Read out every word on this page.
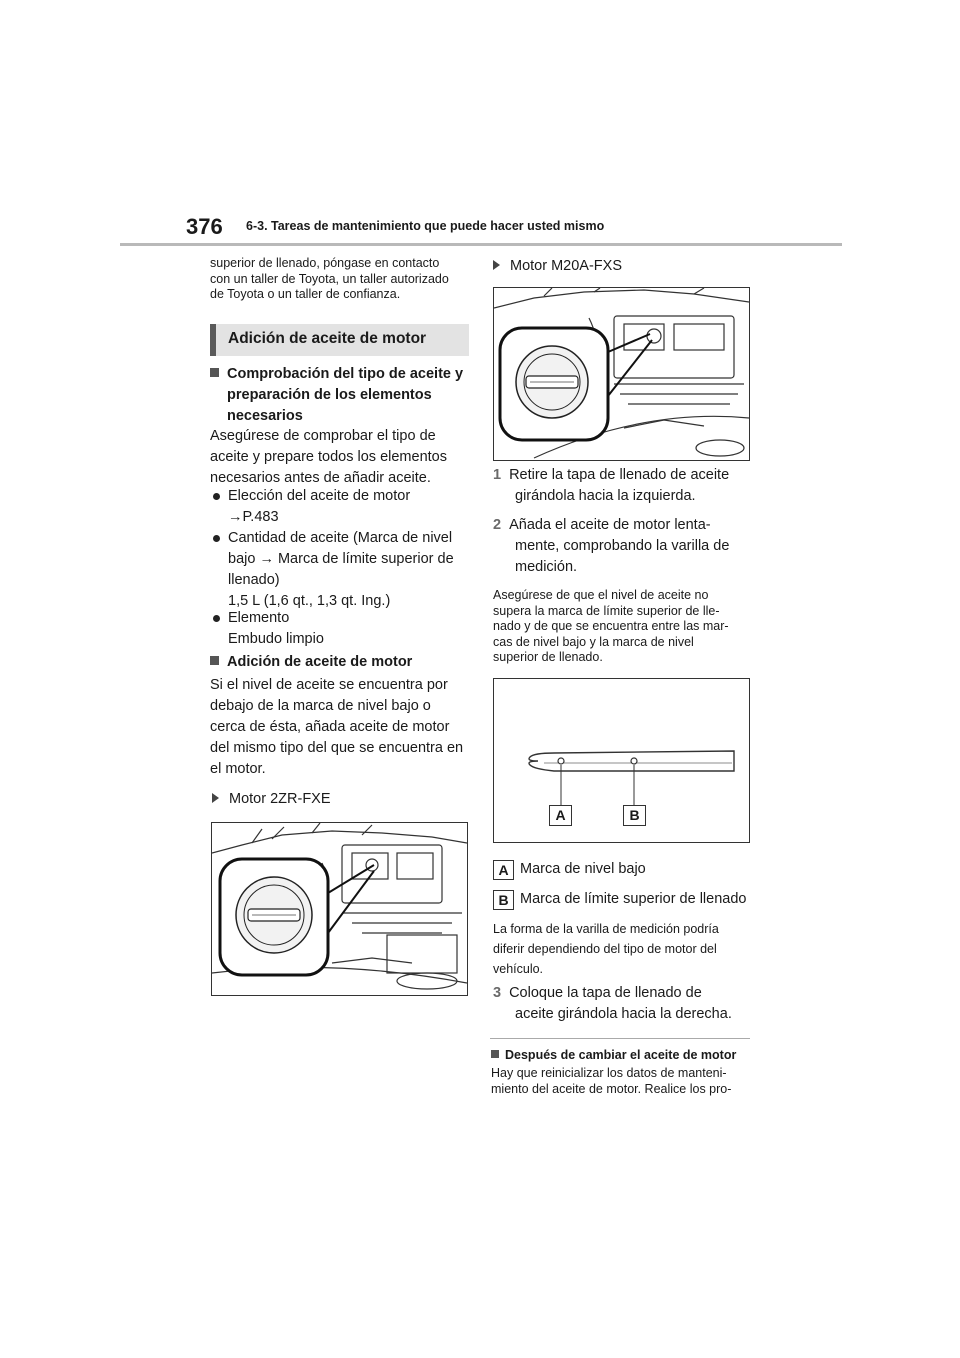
376 6-3. Tareas de mantenimiento que puede hacer usted mismo
superior de llenado, póngase en contacto
con un taller de Toyota, un taller autorizado
de Toyota o un taller de confianza.
Adición de aceite de motor
Comprobación del tipo de aceite y
preparación de los elementos
necesarios
Asegúrese de comprobar el tipo de
aceite y prepare todos los elementos
necesarios antes de añadir aceite.
Elección del aceite de motor
→P.483
Cantidad de aceite (Marca de nivel
bajo → Marca de límite superior de
llenado)
1,5 L (1,6 qt., 1,3 qt. Ing.)
Elemento
Embudo limpio
Adición de aceite de motor
Si el nivel de aceite se encuentra por
debajo de la marca de nivel bajo o
cerca de ésta, añada aceite de motor
del mismo tipo del que se encuentra en
el motor.
Motor 2ZR-FXE
Motor M20A-FXS
1 Retire la tapa de llenado de aceite
girándola hacia la izquierda.
2 Añada el aceite de motor lenta-
mente, comprobando la varilla de
medición.
Asegúrese de que el nivel de aceite no
supera la marca de límite superior de lle-
nado y de que se encuentra entre las mar-
cas de nivel bajo y la marca de nivel
superior de llenado.
A	B
A Marca de nivel bajo
B Marca de límite superior de llenado
La forma de la varilla de medición podría
diferir dependiendo del tipo de motor del
vehículo.
3 Coloque la tapa de llenado de
aceite girándola hacia la derecha.
Después de cambiar el aceite de motor
Hay que reinicializar los datos de manteni-
miento del aceite de motor. Realice los pro-
